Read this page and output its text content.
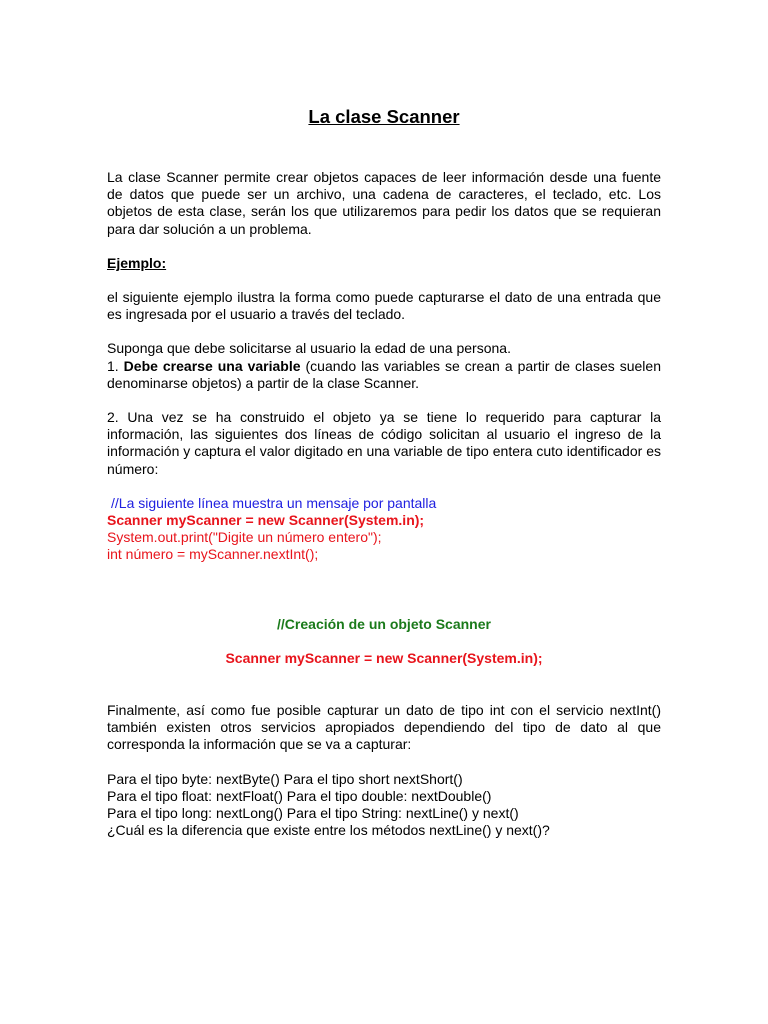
La clase Scanner

La clase Scanner permite crear objetos capaces de leer información desde una fuente de datos que puede ser un archivo, una cadena de caracteres, el teclado, etc. Los objetos de esta clase, serán los que utilizaremos para pedir los datos que se requieran para dar solución a un problema.

Ejemplo:

el siguiente ejemplo ilustra la forma como puede capturarse el dato de una entrada que es ingresada por el usuario a través del teclado.

Suponga que debe solicitarse al usuario la edad de una persona.

1. Debe crearse una variable (cuando las variables se crean a partir de clases suelen denominarse objetos) a partir de la clase Scanner.

2. Una vez se ha construido el objeto ya se tiene lo requerido para capturar la información, las siguientes dos líneas de código solicitan al usuario el ingreso de la información y captura el valor digitado en una variable de tipo entera cuto identificador es número:

//La siguiente línea muestra un mensaje por pantalla

Scanner myScanner = new Scanner(System.in);

System.out.print("Digite un número entero");

int número = myScanner.nextInt();

//Creación de un objeto Scanner

Scanner myScanner = new Scanner(System.in);

Finalmente, así como fue posible capturar un dato de tipo int con el servicio nextInt() también existen otros servicios apropiados dependiendo del tipo de dato al que corresponda la información que se va a capturar:

Para el tipo byte: nextByte() Para el tipo short nextShort()

Para el tipo float: nextFloat() Para el tipo double: nextDouble()

Para el tipo long: nextLong() Para el tipo String: nextLine() y next()

¿Cuál es la diferencia que existe entre los métodos nextLine() y next()?
